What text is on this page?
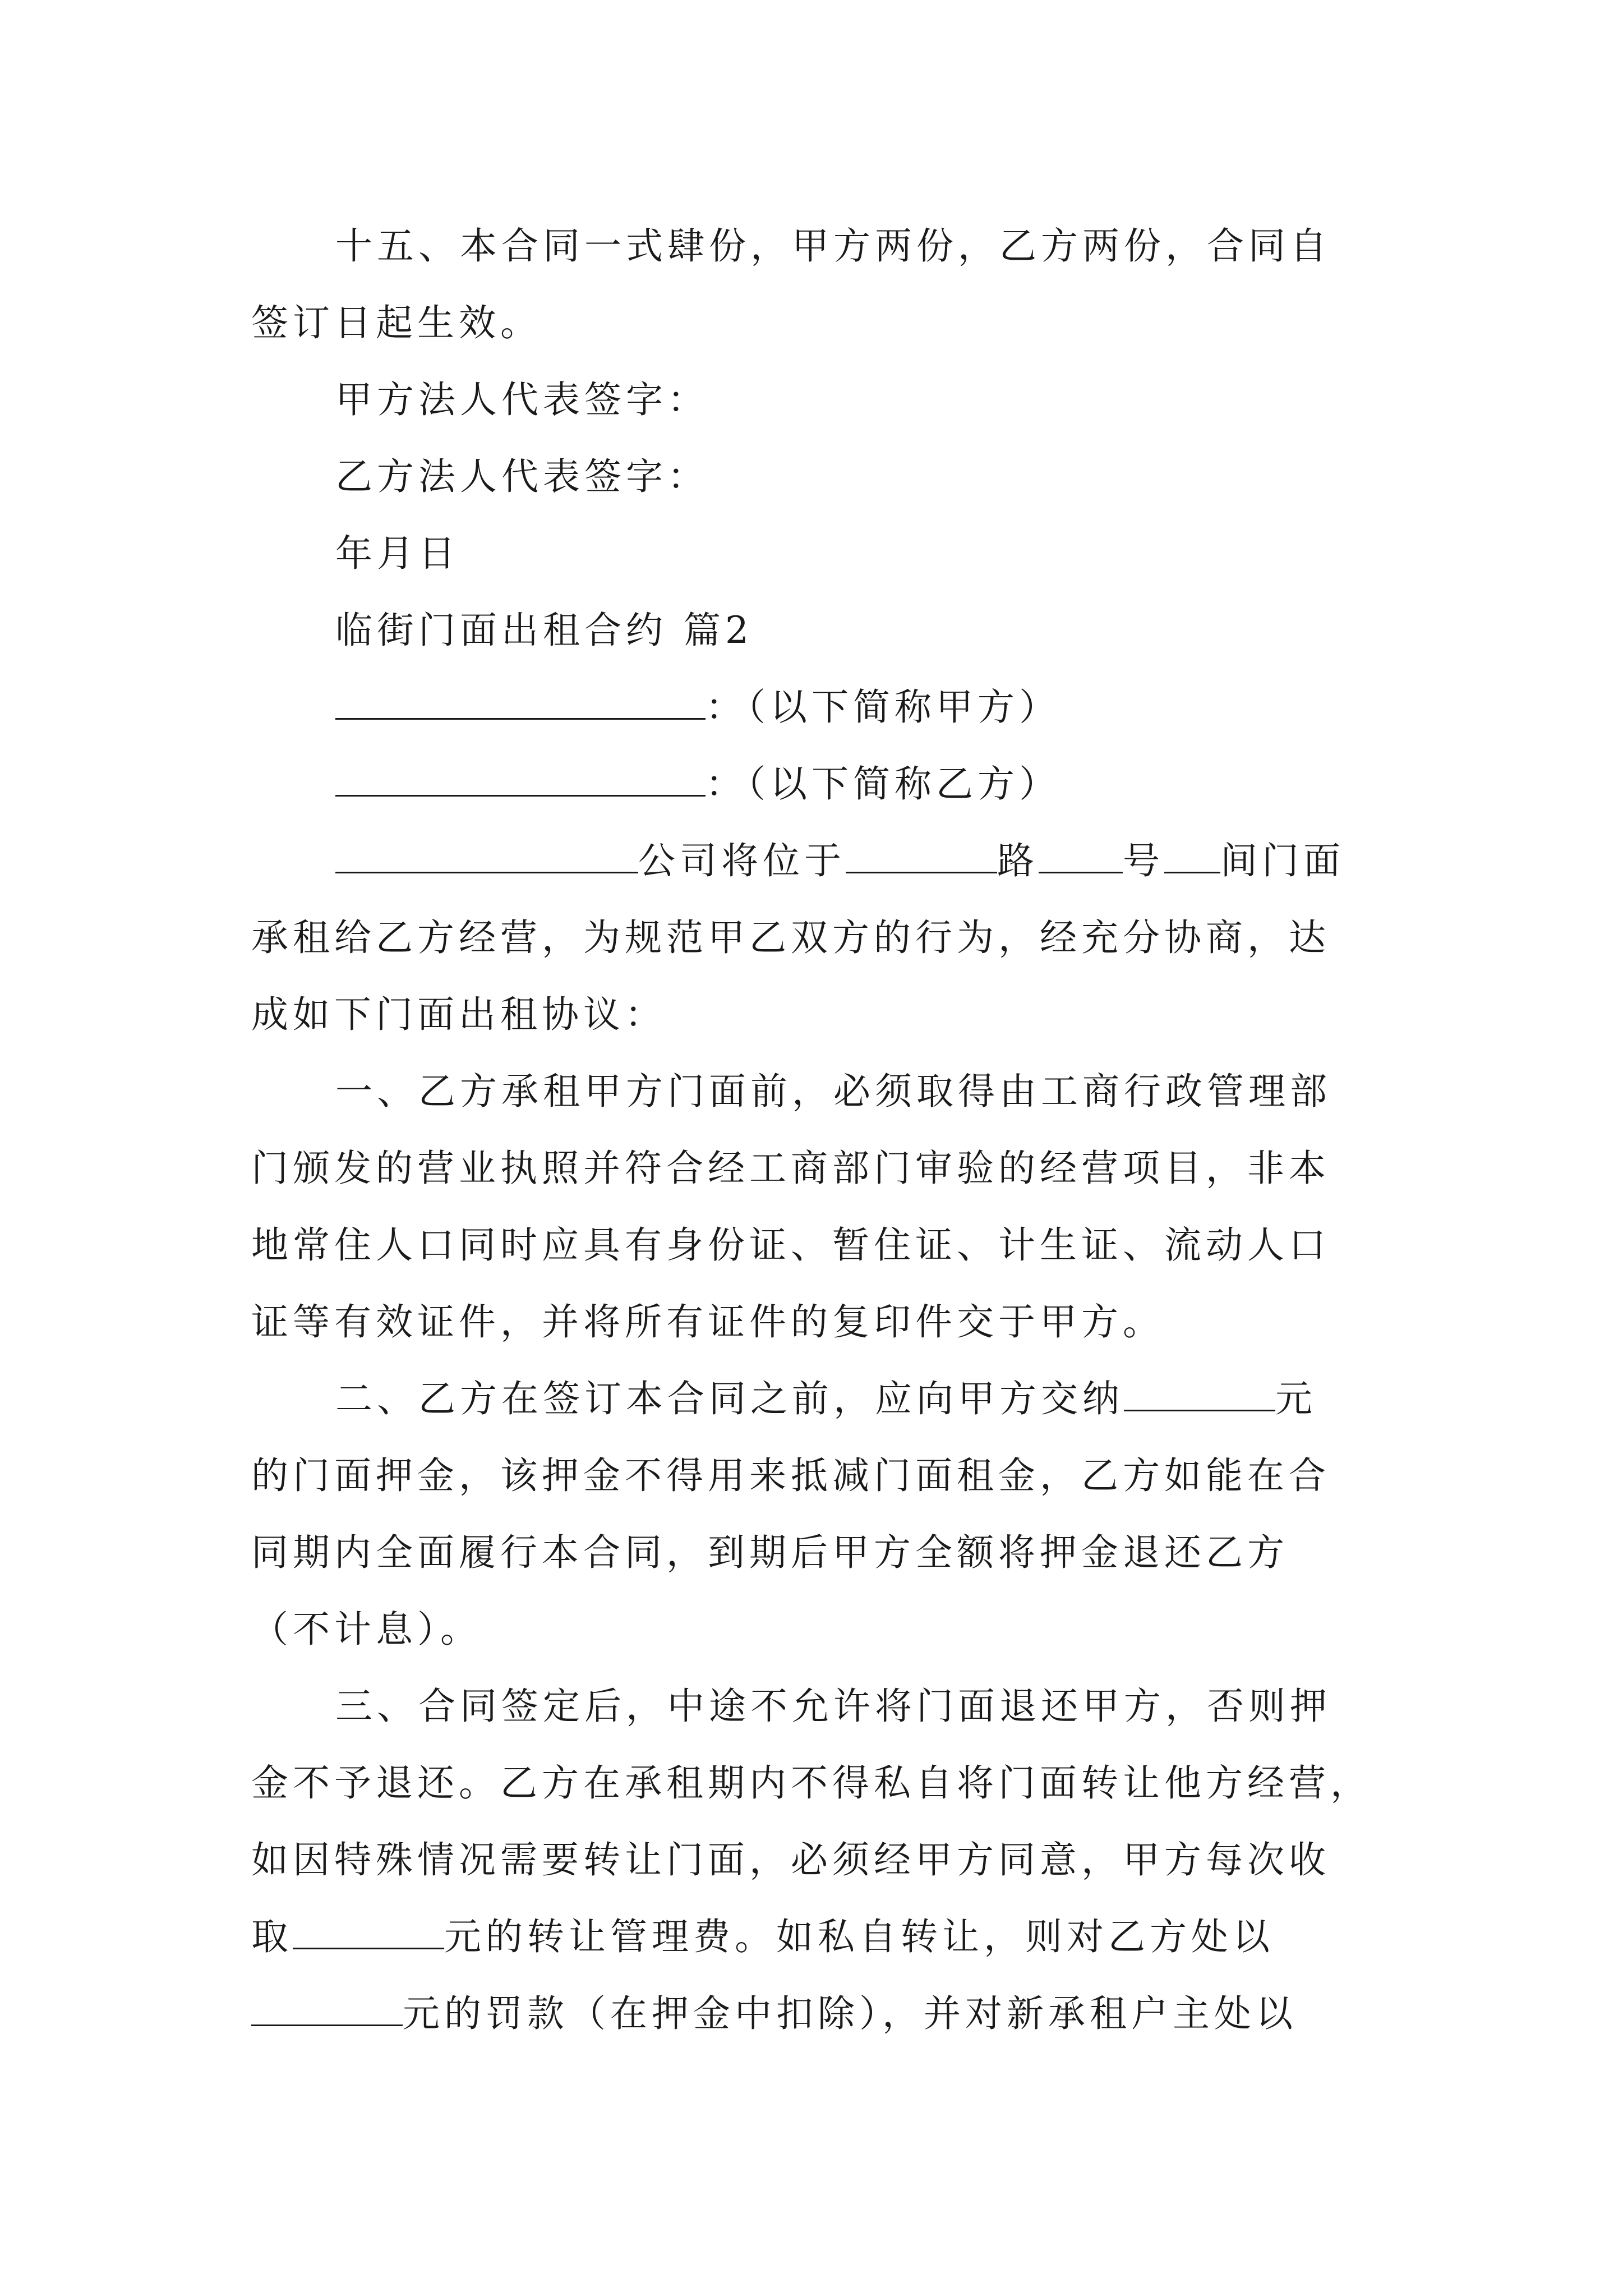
十五、本合同一式肆份，甲方两份，乙方两份，合同自
签订日起生效。
甲方法人代表签字：
乙方法人代表签字：
年月日
临街门面出租合约 篇2
：（以下简称甲方）
：（以下简称乙方）
公司将位于	路 号 间门面
承租给乙方经营，为规范甲乙双方的行为，经充分协商，达
成如下门面出租协议：
一、乙方承租甲方门面前，必须取得由工商行政管理部
门颁发的营业执照并符合经工商部门审验的经营项目，非本
地常住人口同时应具有身份证、暂住证、计生证、流动人口
证等有效证件，并将所有证件的复印件交于甲方。
二、乙方在签订本合同之前，应向甲方交纳	元
的门面押金，该押金不得用来抵减门面租金，乙方如能在合
同期内全面履行本合同，到期后甲方全额将押金退还乙方
（不计息）。
三、合同签定后，中途不允许将门面退还甲方，否则押
金不予退还。乙方在承租期内不得私自将门面转让他方经营，
如因特殊情况需要转让门面，必须经甲方同意，甲方每次收
取	元的转让管理费。如私自转让，则对乙方处以
元的罚款（在押金中扣除），并对新承租户主处以
